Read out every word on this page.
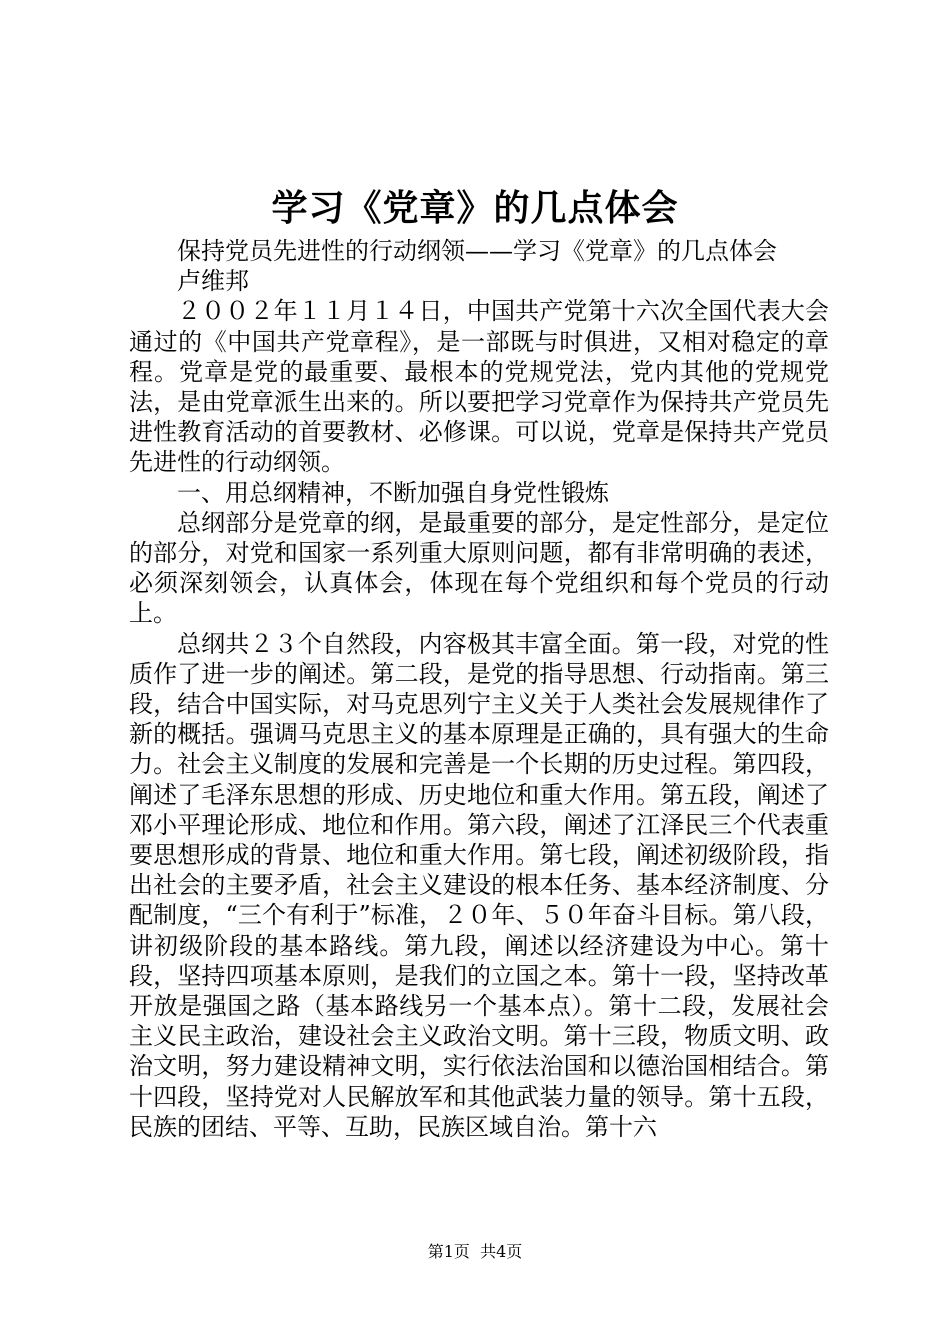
学习《党章》的几点体会

保持党员先进性的行动纲领——学习《党章》的几点体会

卢维邦

２００２年１１月１４日，中国共产党第十六次全国代表大会通过的《中国共产党章程》，是一部既与时俱进，又相对稳定的章程。党章是党的最重要、最根本的党规党法，党内其他的党规党法，是由党章派生出来的。所以要把学习党章作为保持共产党员先进性教育活动的首要教材、必修课。可以说，党章是保持共产党员先进性的行动纲领。

一、用总纲精神，不断加强自身党性锻炼

总纲部分是党章的纲，是最重要的部分，是定性部分，是定位的部分，对党和国家一系列重大原则问题，都有非常明确的表述，必须深刻领会，认真体会，体现在每个党组织和每个党员的行动上。

总纲共２３个自然段，内容极其丰富全面。第一段，对党的性质作了进一步的阐述。第二段，是党的指导思想、行动指南。第三段，结合中国实际，对马克思列宁主义关于人类社会发展规律作了新的概括。强调马克思主义的基本原理是正确的，具有强大的生命力。社会主义制度的发展和完善是一个长期的历史过程。第四段，阐述了毛泽东思想的形成、历史地位和重大作用。第五段，阐述了邓小平理论形成、地位和作用。第六段，阐述了江泽民三个代表重要思想形成的背景、地位和重大作用。第七段，阐述初级阶段，指出社会的主要矛盾，社会主义建设的根本任务、基本经济制度、分配制度，“三个有利于”标准，２０年、５０年奋斗目标。第八段，讲初级阶段的基本路线。第九段，阐述以经济建设为中心。第十段，坚持四项基本原则，是我们的立国之本。第十一段，坚持改革开放是强国之路（基本路线另一个基本点）。第十二段，发展社会主义民主政治，建设社会主义政治文明。第十三段，物质文明、政治文明，努力建设精神文明，实行依法治国和以德治国相结合。第十四段，坚持党对人民解放军和其他武装力量的领导。第十五段，民族的团结、平等、互助，民族区域自治。第十六

第1页  共4页
